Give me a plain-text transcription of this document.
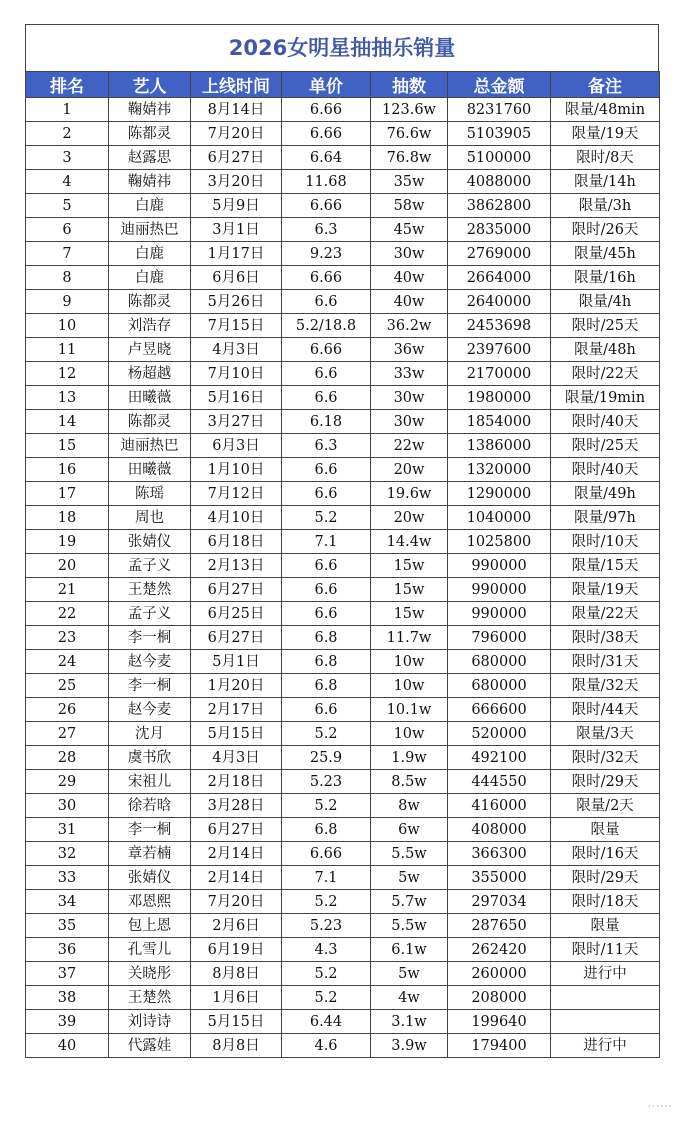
2026女明星抽抽乐销量
排名	艺人	上线时间	单价	抽数	总金额	备注
1	鞠婧祎	8月14日	6.66	123.6w	8231760	限量/48min
2	陈都灵	7月20日	6.66	76.6w	5103905	限量/19天
3	赵露思	6月27日	6.64	76.8w	5100000	限时/8天
4	鞠婧祎	3月20日	11.68	35w	4088000	限量/14h
5	白鹿	5月9日	6.66	58w	3862800	限量/3h
6	迪丽热巴	3月1日	6.3	45w	2835000	限时/26天
7	白鹿	1月17日	9.23	30w	2769000	限量/45h
8	白鹿	6月6日	6.66	40w	2664000	限量/16h
9	陈都灵	5月26日	6.6	40w	2640000	限量/4h
10	刘浩存	7月15日	5.2/18.8	36.2w	2453698	限时/25天
11	卢昱晓	4月3日	6.66	36w	2397600	限量/48h
12	杨超越	7月10日	6.6	33w	2170000	限时/22天
13	田曦薇	5月16日	6.6	30w	1980000	限量/19min
14	陈都灵	3月27日	6.18	30w	1854000	限时/40天
15	迪丽热巴	6月3日	6.3	22w	1386000	限时/25天
16	田曦薇	1月10日	6.6	20w	1320000	限时/40天
17	陈瑶	7月12日	6.6	19.6w	1290000	限量/49h
18	周也	4月10日	5.2	20w	1040000	限量/97h
19	张婧仪	6月18日	7.1	14.4w	1025800	限时/10天
20	孟子义	2月13日	6.6	15w	990000	限量/15天
21	王楚然	6月27日	6.6	15w	990000	限量/19天
22	孟子义	6月25日	6.6	15w	990000	限量/22天
23	李一桐	6月27日	6.8	11.7w	796000	限时/38天
24	赵今麦	5月1日	6.8	10w	680000	限时/31天
25	李一桐	1月20日	6.8	10w	680000	限量/32天
26	赵今麦	2月17日	6.6	10.1w	666600	限时/44天
27	沈月	5月15日	5.2	10w	520000	限量/3天
28	虞书欣	4月3日	25.9	1.9w	492100	限时/32天
29	宋祖儿	2月18日	5.23	8.5w	444550	限时/29天
30	徐若晗	3月28日	5.2	8w	416000	限量/2天
31	李一桐	6月27日	6.8	6w	408000	限量
32	章若楠	2月14日	6.66	5.5w	366300	限时/16天
33	张婧仪	2月14日	7.1	5w	355000	限时/29天
34	邓恩熙	7月20日	5.2	5.7w	297034	限时/18天
35	包上恩	2月6日	5.23	5.5w	287650	限量
36	孔雪儿	6月19日	4.3	6.1w	262420	限时/11天
37	关晓彤	8月8日	5.2	5w	260000	进行中
38	王楚然	1月6日	5.2	4w	208000	
39	刘诗诗	5月15日	6.44	3.1w	199640	
40	代露娃	8月8日	4.6	3.9w	179400	进行中
······
